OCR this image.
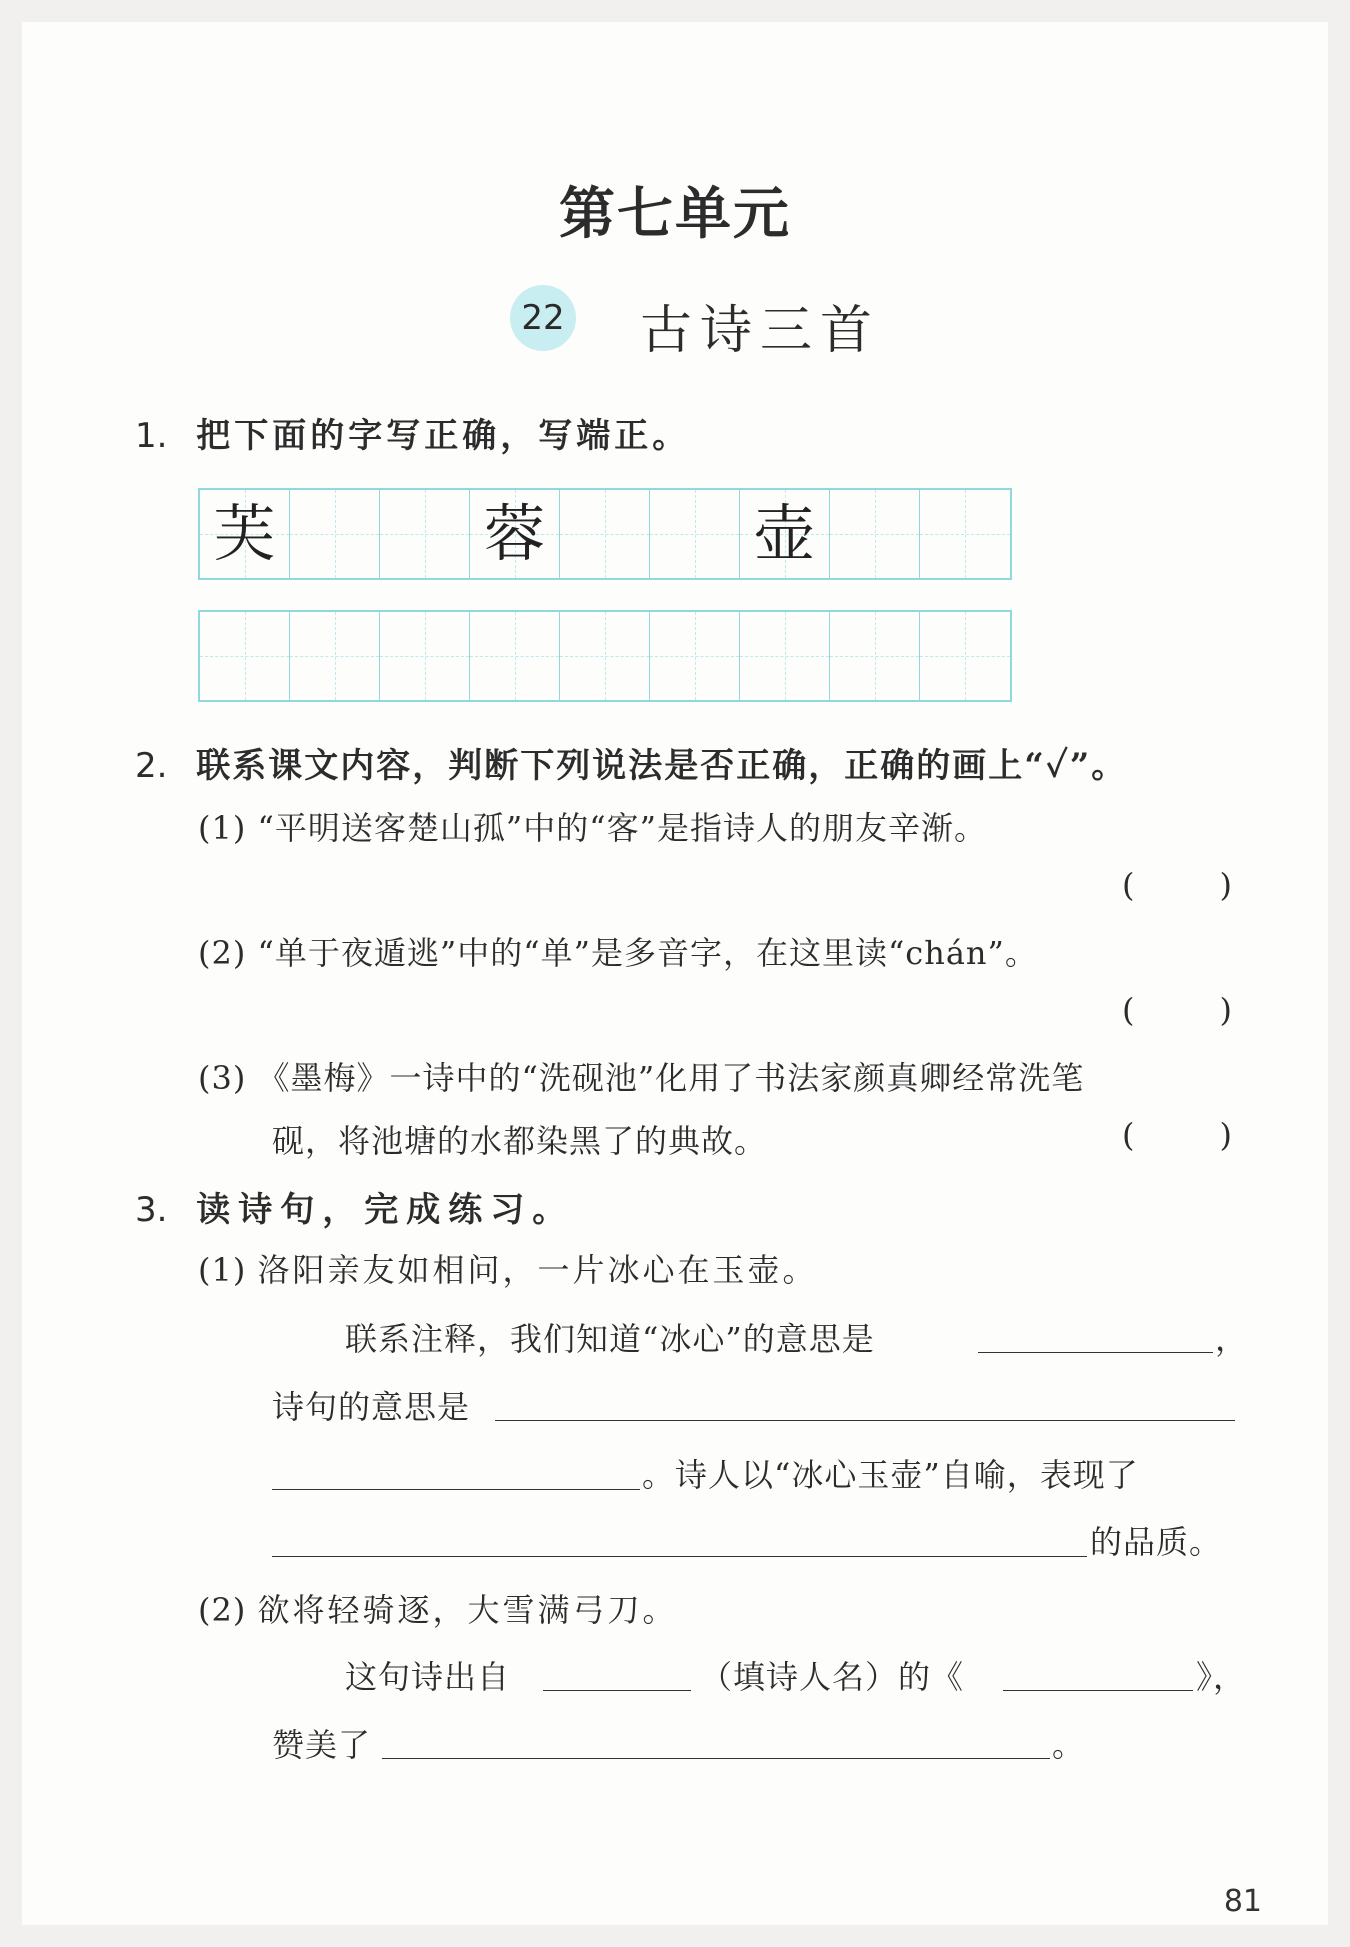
第七单元
22 古诗三首
1. 把下面的字写正确，写端正。
芙	蓉	壶
2. 联系课文内容，判断下列说法是否正确，正确的画上“✓”。
(1) “平明送客楚山孤”中的“客”是指诗人的朋友辛渐。
(	)
(2) “单于夜遁逃”中的“单”是多音字，在这里读“chán”。
(	)
(3) 《墨梅》一诗中的“洗砚池”化用了书法家颜真卿经常洗笔
砚，将池塘的水都染黑了的典故。	(	)
3. 读诗句，完成练习。
(1) 洛阳亲友如相问，一片冰心在玉壶。
联系注释，我们知道“冰心”的意思是	，
诗句的意思是
。诗人以“冰心玉壶”自喻，表现了
的品质。
(2) 欲将轻骑逐，大雪满弓刀。
这句诗出自	（填诗人名）的《	》，
赞美了	。
81
